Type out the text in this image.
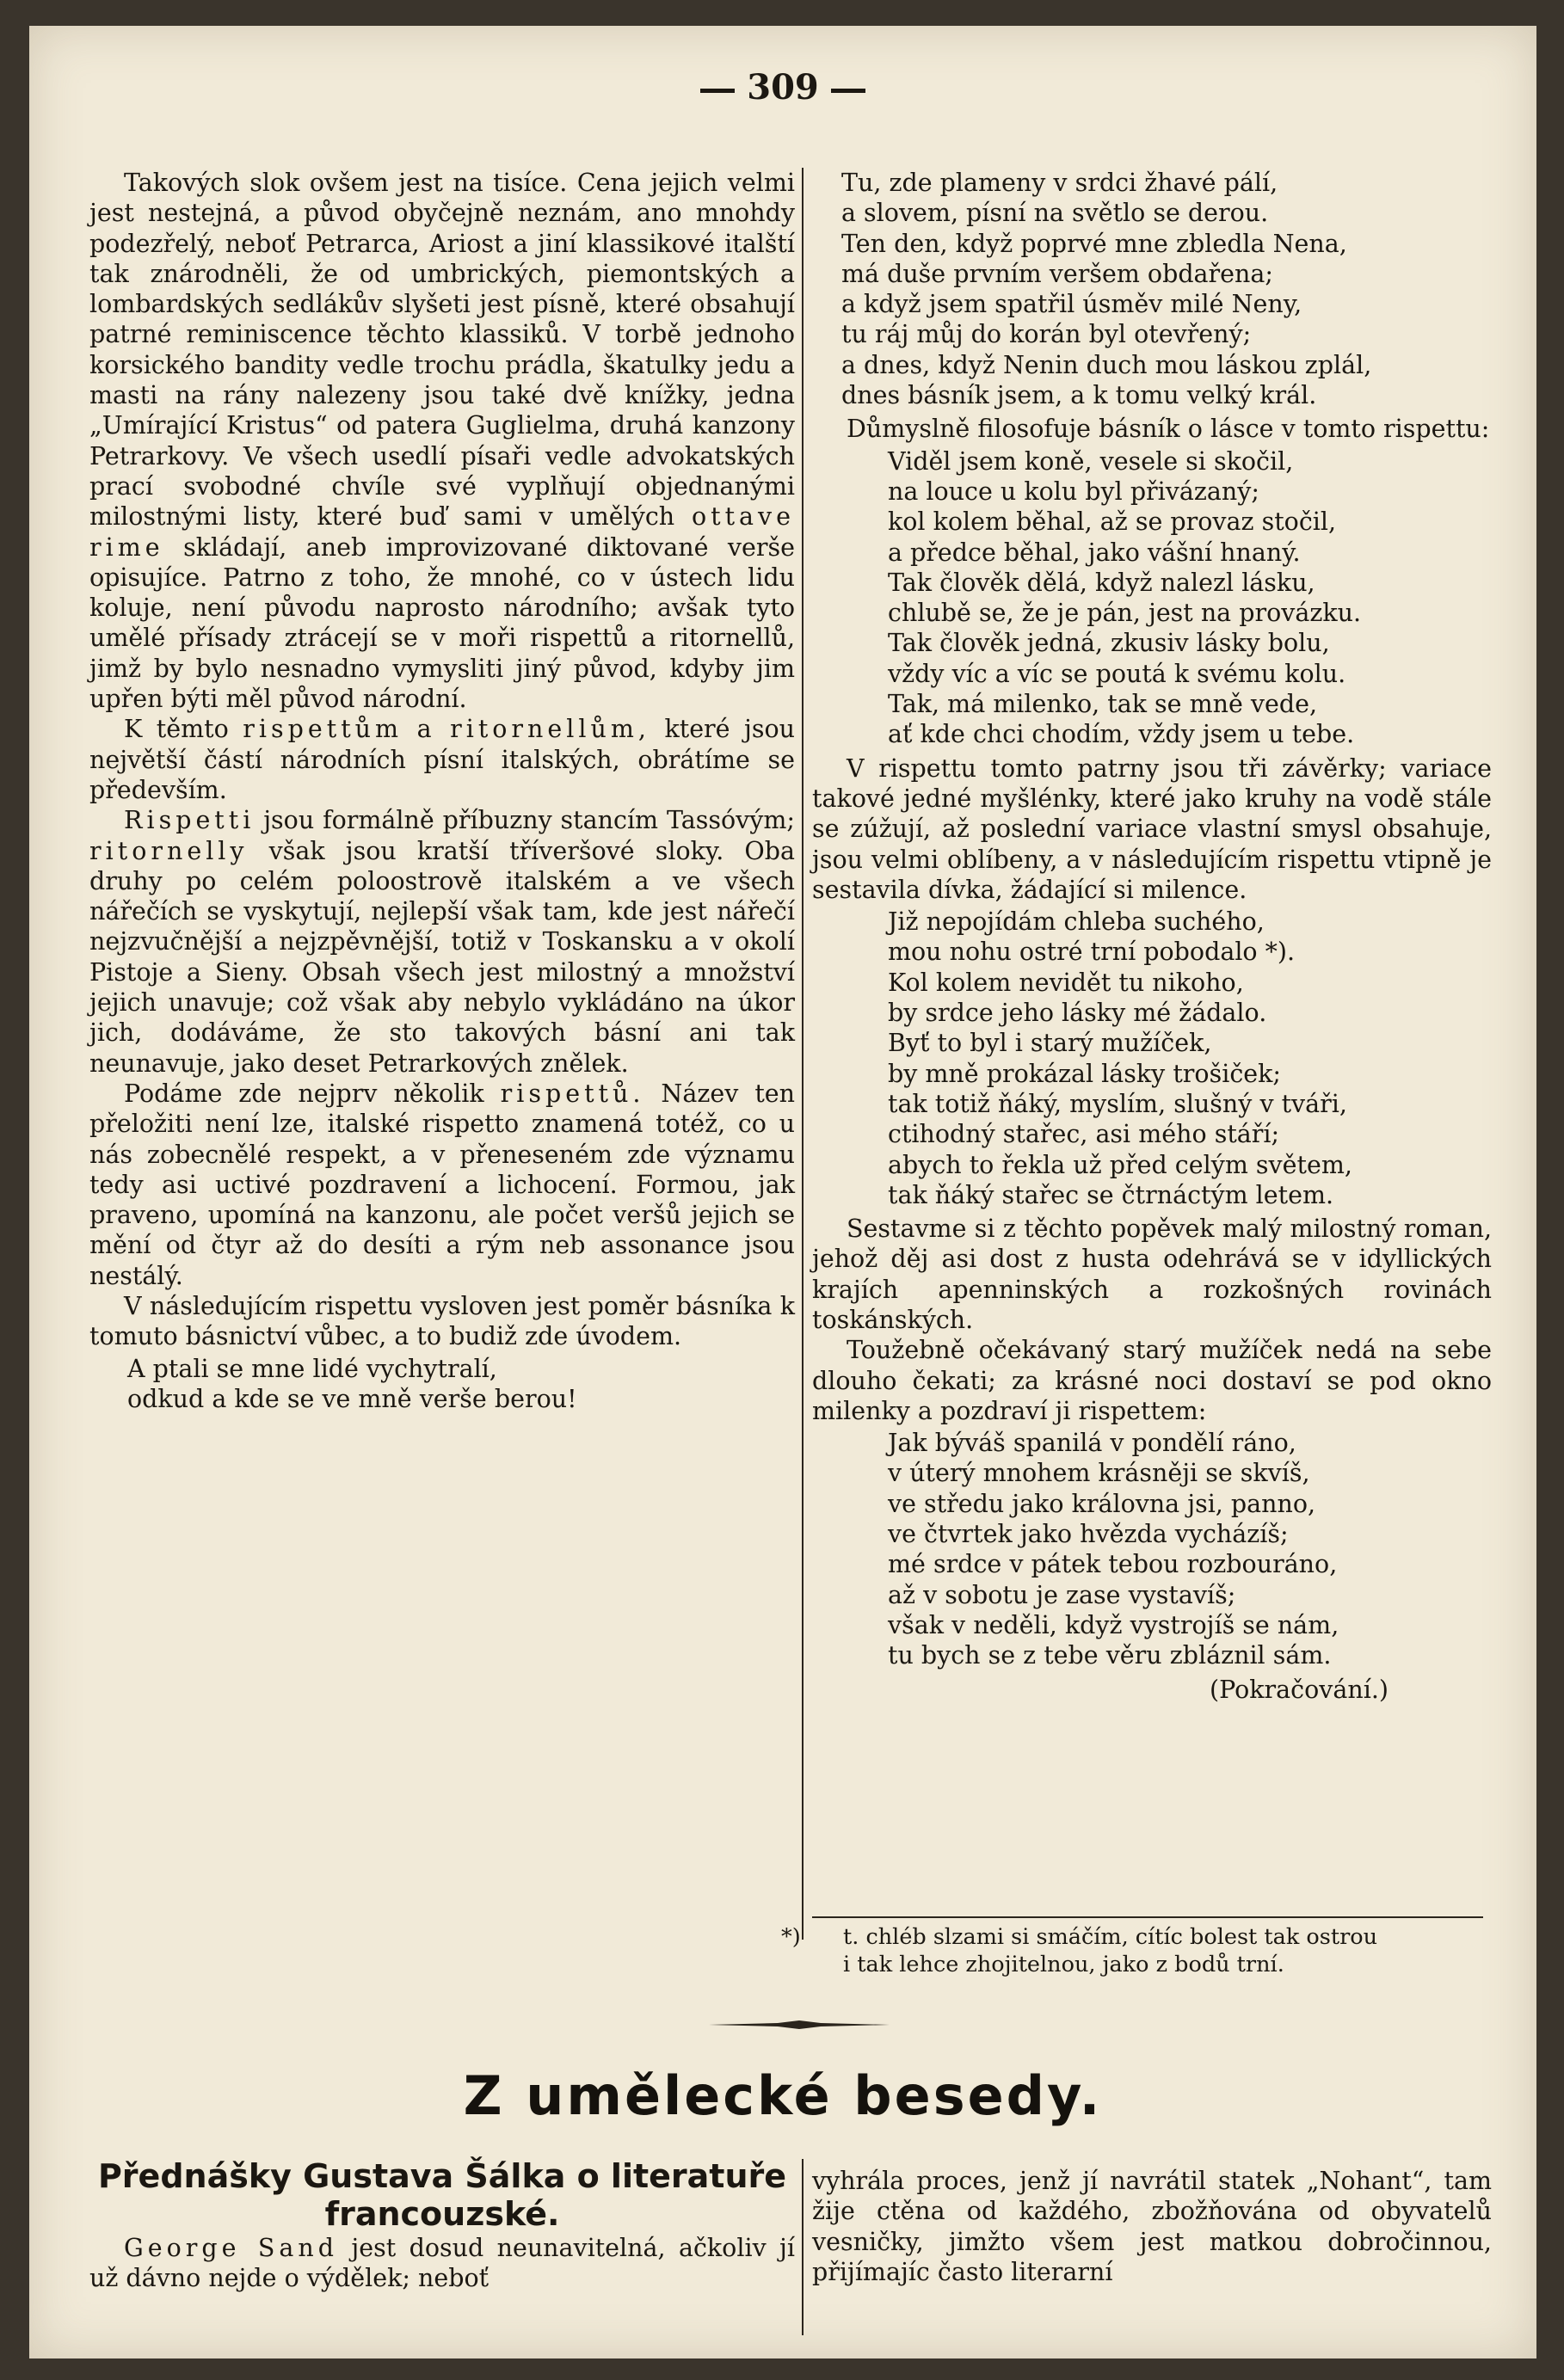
309

Takových slok ovšem jest na tisíce. Cena jejich velmi jest nestejná, a původ obyčejně neznám, ano mnohdy podezřelý, neboť Petrarca, Ariost a jiní klassikové italští tak znárodněli, že od umbrických, piemontských a lombardských sedlákův slyšeti jest písně, které obsahují patrné reminiscence těchto klassiků. V torbě jednoho korsického bandity vedle trochu prádla, škatulky jedu a masti na rány nalezeny jsou také dvě knížky, jedna „Umírající Kristus“ od patera Guglielma, druhá kanzony Petrarkovy. Ve všech usedlí písaři vedle advokatských prací svobodné chvíle své vyplňují objednanými milostnými listy, které buď sami v umělých ottave rime skládají, aneb improvizované diktované verše opisujíce. Patrno z toho, že mnohé, co v ústech lidu koluje, není původu naprosto národního; avšak tyto umělé přísady ztrácejí se v moři rispettů a ritornellů, jimž by bylo nesnadno vymysliti jiný původ, kdyby jim upřen býti měl původ národní.

K těmto rispettům a ritornellům, které jsou největší částí národních písní italských, obrátíme se především.

Rispetti jsou formálně příbuzny stancím Tassóvým; ritornelly však jsou kratší tříveršové sloky. Oba druhy po celém poloostrově italském a ve všech nářečích se vyskytují, nejlepší však tam, kde jest nářečí nejzvučnější a nejzpěvnější, totiž v Toskansku a v okolí Pistoje a Sieny. Obsah všech jest milostný a množství jejich unavuje; což však aby nebylo vykládáno na úkor jich, dodáváme, že sto takových básní ani tak neunavuje, jako deset Petrarkových znělek.

Podáme zde nejprv několik rispettů. Název ten přeložiti není lze, italské rispetto znamená totéž, co u nás zobecnělé respekt, a v přeneseném zde významu tedy asi uctivé pozdravení a lichocení. Formou, jak praveno, upomíná na kanzonu, ale počet veršů jejich se mění od čtyr až do desíti a rým neb assonance jsou nestálý.

V následujícím rispettu vysloven jest poměr básníka k tomuto básnictví vůbec, a to budiž zde úvodem.

A ptali se mne lidé vychytralí,
odkud a kde se ve mně verše berou!
Tu, zde plameny v srdci žhavé pálí,
a slovem, písní na světlo se derou.
Ten den, když poprvé mne zbledla Nena,
má duše prvním veršem obdařena;
a když jsem spatřil úsměv milé Neny,
tu ráj můj do korán byl otevřený;
a dnes, když Nenin duch mou láskou zplál,
dnes básník jsem, a k tomu velký král.

Důmyslně filosofuje básník o lásce v tomto rispettu:

Viděl jsem koně, vesele si skočil,
na louce u kolu byl přivázaný;
kol kolem běhal, až se provaz stočil,
a předce běhal, jako vášní hnaný.
Tak člověk dělá, když nalezl lásku,
chlubě se, že je pán, jest na provázku.
Tak člověk jedná, zkusiv lásky bolu,
vždy víc a víc se poutá k svému kolu.
Tak, má milenko, tak se mně vede,
ať kde chci chodím, vždy jsem u tebe.

V rispettu tomto patrny jsou tři závěrky; variace takové jedné myšlénky, které jako kruhy na vodě stále se zúžují, až poslední variace vlastní smysl obsahuje, jsou velmi oblíbeny, a v následujícím rispettu vtipně je sestavila dívka, žádající si milence.

Již nepojídám chleba suchého,
mou nohu ostré trní pobodalo *).
Kol kolem nevidět tu nikoho,
by srdce jeho lásky mé žádalo.
Byť to byl i starý mužíček,
by mně prokázal lásky trošiček;
tak totiž ňáký, myslím, slušný v tváři,
ctihodný stařec, asi mého stáří;
abych to řekla už před celým světem,
tak ňáký stařec se čtrnáctým letem.

Sestavme si z těchto popěvek malý milostný roman, jehož děj asi dost z husta odehrává se v idyllických krajích apenninských a rozkošných rovinách toskánských.

Toužebně očekávaný starý mužíček nedá na sebe dlouho čekati; za krásné noci dostaví se pod okno milenky a pozdraví ji rispettem:

Jak býváš spanilá v pondělí ráno,
v úterý mnohem krásněji se skvíš,
ve středu jako královna jsi, panno,
ve čtvrtek jako hvězda vycházíš;
mé srdce v pátek tebou rozbouráno,
až v sobotu je zase vystavíš;
však v neděli, když vystrojíš se nám,
tu bych se z tebe věru zbláznil sám.
(Pokračování.)
*) t. chléb slzami si smáčím, cítíc bolest tak ostrou
i tak lehce zhojitelnou, jako z bodů trní.
Z umělecké besedy.
Přednášky Gustava Šálka o literatuře francouzské.

George Sand jest dosud neunavitelná, ačkoliv jí už dávno nejde o výdělek; neboť

vyhrála proces, jenž jí navrátil statek „Nohant“, tam žije ctěna od každého, zbožňována od obyvatelů vesničky, jimžto všem jest matkou dobročinnou, přijímajíc často literarní
